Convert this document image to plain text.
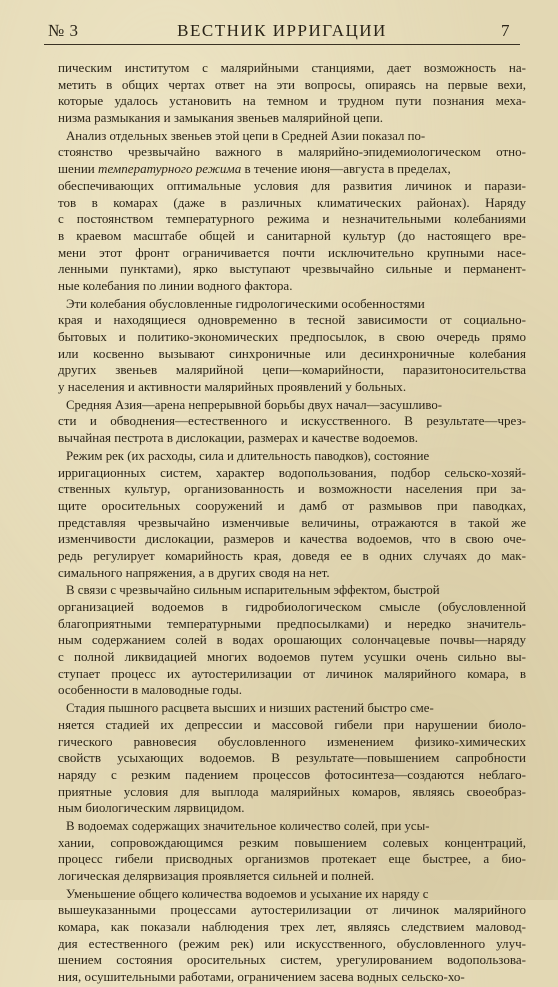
№ 3	ВЕСТНИК ИРРИГАЦИИ	7
пическим институтом с малярийными станциями, дает возможность на-
метить в общих чертах ответ на эти вопросы, опираясь на первые вехи,
которые удалось установить на темном и трудном пути познания меха-
низма размыкания и замыкания звеньев малярийной цепи.
Анализ отдельных звеньев этой цепи в Средней Азии показал по-
стоянство чрезвычайно важного в малярийно-эпидемиологическом отно-
шении температурного режима в течение июня—августа в пределах,
обеспечивающих оптимальные условия для развития личинок и парази-
тов в комарах (даже в различных климатических районах). Наряду
с постоянством температурного режима и незначительными колебаниями
в краевом масштабе общей и санитарной культур (до настоящего вре-
мени этот фронт ограничивается почти исключительно крупными насе-
ленными пунктами), ярко выступают чрезвычайно сильные и перманент-
ные колебания по линии водного фактора.
Эти колебания обусловленные гидрологическими особенностями
края и находящиеся одновременно в тесной зависимости от социально-
бытовых и политико-экономических предпосылок, в свою очередь прямо
или косвенно вызывают синхроничные или десинхроничные колебания
других звеньев малярийной цепи—комарийности, паразитоносительства
у населения и активности малярийных проявлений у больных.
Средняя Азия—арена непрерывной борьбы двух начал—засушливо-
сти и обводнения—естественного и искусственного. В результате—чрез-
вычайная пестрота в дислокации, размерах и качестве водоемов.
Режим рек (их расходы, сила и длительность паводков), состояние
ирригационных систем, характер водопользования, подбор сельско-хозяй-
ственных культур, организованность и возможности населения при за-
щите оросительных сооружений и дамб от размывов при паводках,
представляя чрезвычайно изменчивые величины, отражаются в такой же
изменчивости дислокации, размеров и качества водоемов, что в свою оче-
редь регулирует комарийность края, доведя ее в одних случаях до мак-
симального напряжения, а в других сводя на нет.
В связи с чрезвычайно сильным испарительным эффектом, быстрой
организацией водоемов в гидробиологическом смысле (обусловленной
благоприятными температурными предпосылками) и нередко значитель-
ным содержанием солей в водах орошающих солончацевые почвы—наряду
с полной ликвидацией многих водоемов путем усушки очень сильно вы-
ступает процесс их аутостерилизации от личинок малярийного комара, в
особенности в маловодные годы.
Стадия пышного расцвета высших и низших растений быстро сме-
няется стадией их депрессии и массовой гибели при нарушении биоло-
гического равновесия обусловленного изменением физико-химических
свойств усыхающих водоемов. В результате—повышением сапробности
наряду с резким падением процессов фотосинтеза—создаются неблаго-
приятные условия для выплода малярийных комаров, являясь своеобраз-
ным биологическим лярвицидом.
В водоемах содержащих значительное количество солей, при усы-
хании, сопровождающимся резким повышением солевых концентраций,
процесс гибели присводных организмов протекает еще быстрее, а био-
логическая делярвизация проявляется сильней и полней.
Уменьшение общего количества водоемов и усыхание их наряду с
вышеуказанными процессами аутостерилизации от личинок малярийного
комара, как показали наблюдения трех лет, являясь следствием маловод-
дия естественного (режим рек) или искусственного, обусловленного улуч-
шением состояния оросительных систем, урегулированием водопользова-
ния, осушительными работами, ограничением засева водных сельско-хо-
